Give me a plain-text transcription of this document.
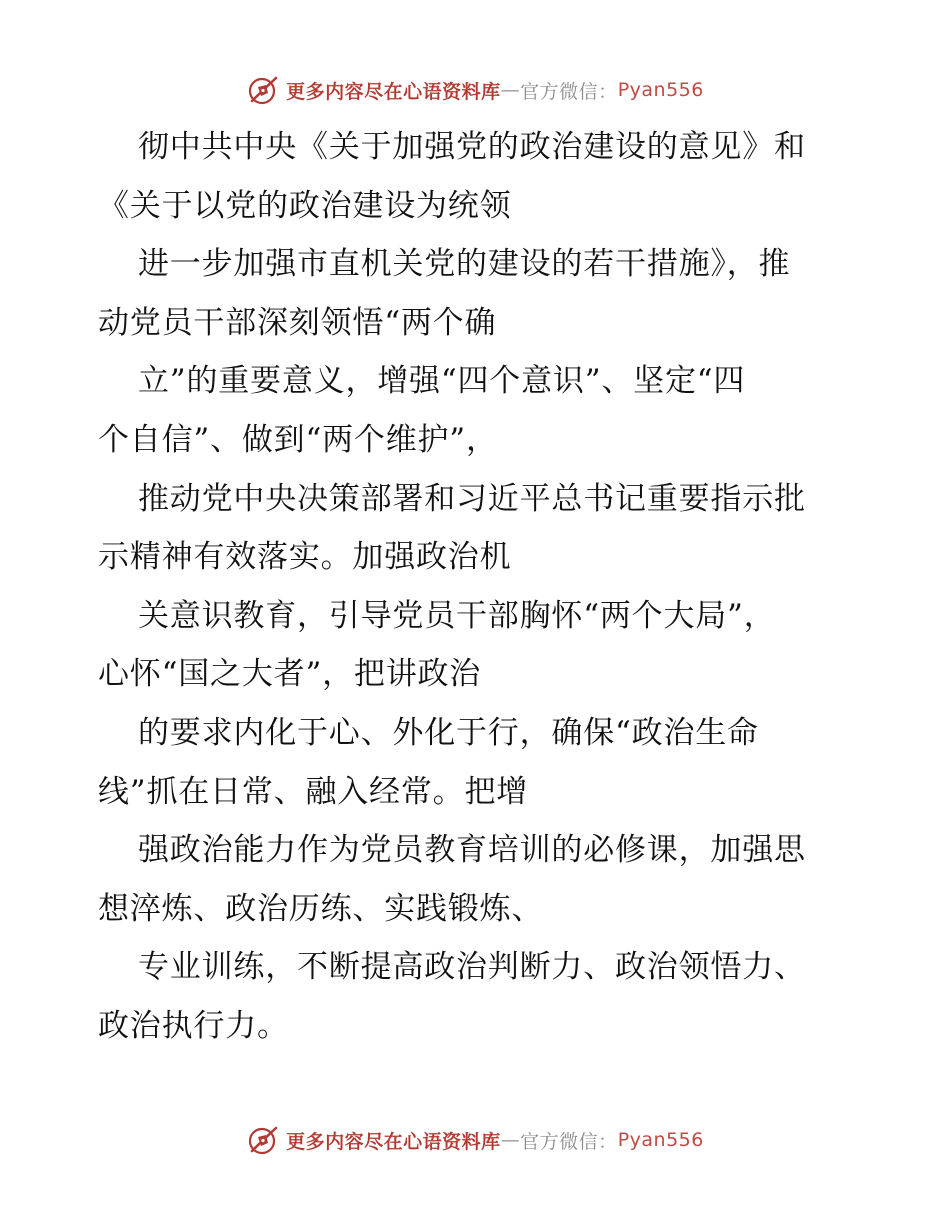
更多内容尽在心语资料库 — 官方微信： Pyan556
彻中共中央《关于加强党的政治建设的意见》和
《关于以党的政治建设为统领
进一步加强市直机关党的建设的若干措施》，推
动党员干部深刻领悟“两个确
立”的重要意义，增强“四个意识”、坚定“四
个自信”、做到“两个维护”，
推动党中央决策部署和习近平总书记重要指示批
示精神有效落实。加强政治机
关意识教育，引导党员干部胸怀“两个大局”，
心怀“国之大者”，把讲政治
的要求内化于心、外化于行，确保“政治生命
线”抓在日常、融入经常。把增
强政治能力作为党员教育培训的必修课，加强思
想淬炼、政治历练、实践锻炼、
专业训练，不断提高政治判断力、政治领悟力、
政治执行力。
更多内容尽在心语资料库 — 官方微信： Pyan556
